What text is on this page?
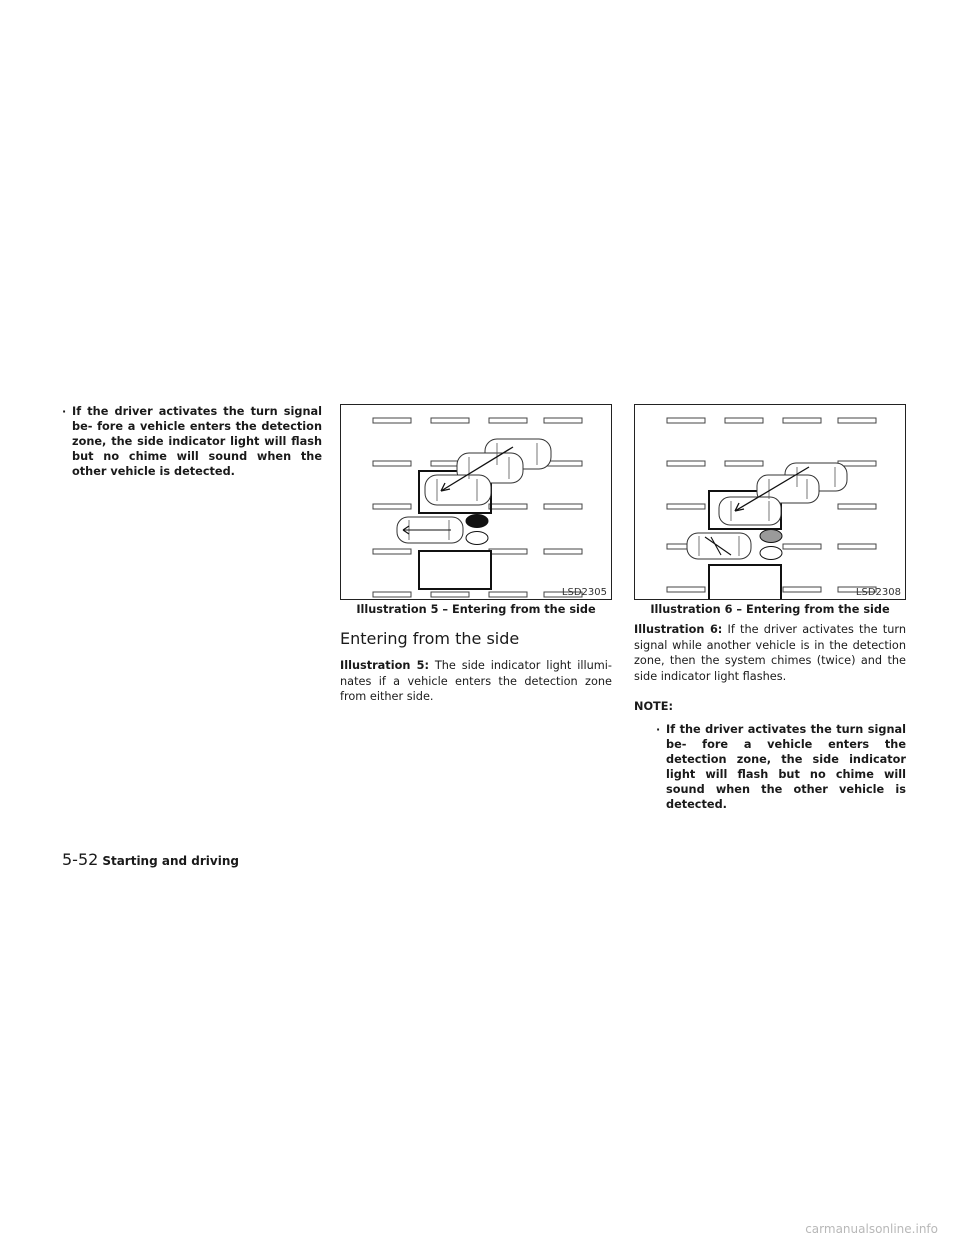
· If the driver activates the turn signal be- fore a vehicle enters the detection zone, the side indicator light will flash but no chime will sound when the other vehicle is detected.
LSD2305
Illustration 5 – Entering from the side
Entering from the side

Illustration 5: The side indicator light illumi- nates if a vehicle enters the detection zone from either side.

LSD2308
Illustration 6 – Entering from the side

Illustration 6: If the driver activates the turn signal while another vehicle is in the detection zone, then the system chimes (twice) and the side indicator light flashes.

NOTE:
· If the driver activates the turn signal be- fore a vehicle enters the detection zone, the side indicator light will flash but no chime will sound when the other vehicle is detected.
5-52 Starting and driving
carmanualsonline.info
